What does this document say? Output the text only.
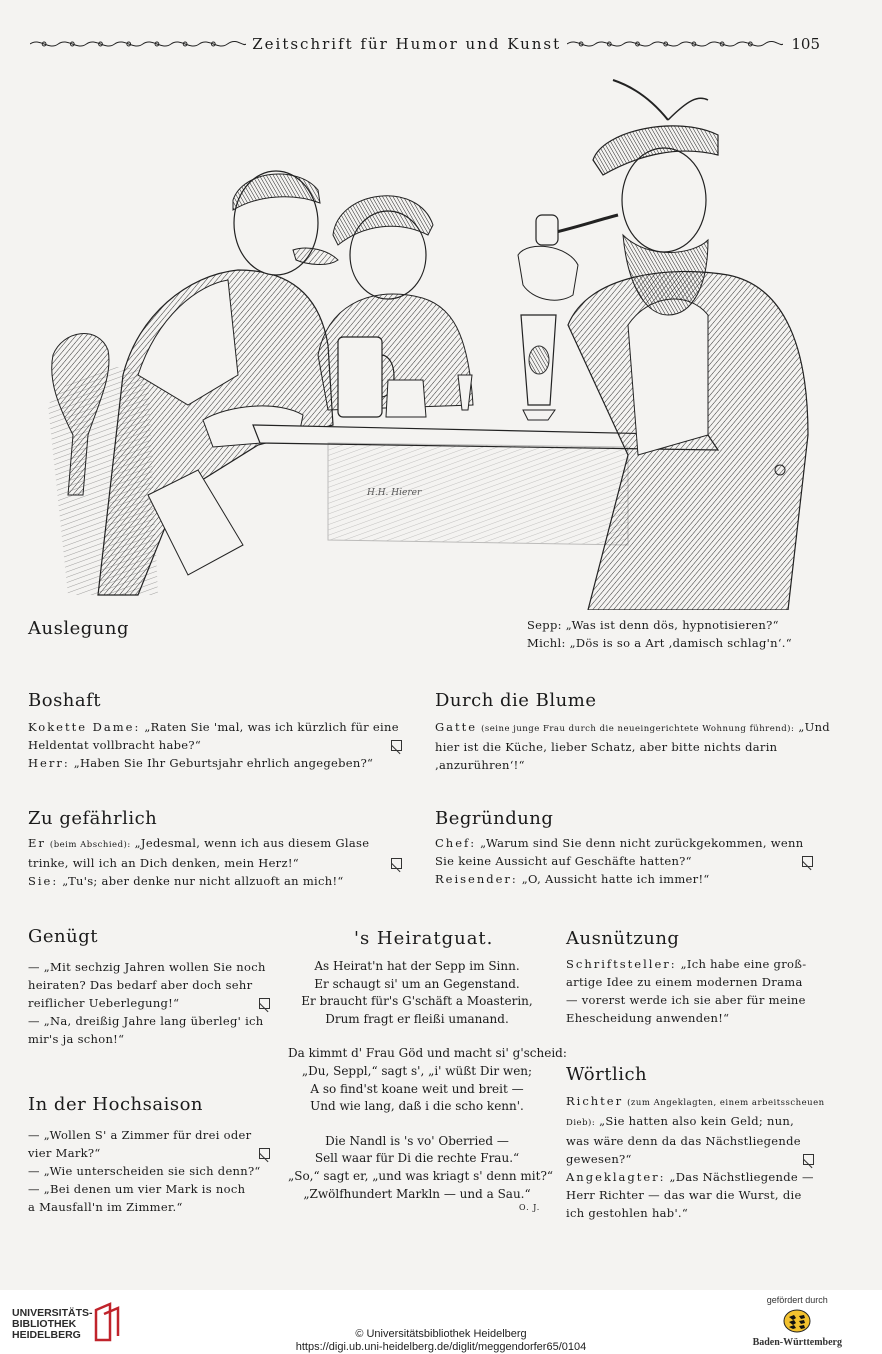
Zeitschrift für Humor und Kunst	105
H.H. Hierer
Auslegung	Sepp: „Was ist denn dös, hypnotisieren?“
Michl: „Dös is so a Art ‚damisch schlag'n‘.“
Boshaft
Kokette Dame: „Raten Sie 'mal, was ich kürzlich für eine
Heldentat vollbracht habe?“
Herr: „Haben Sie Ihr Geburtsjahr ehrlich angegeben?“
Durch die Blume
Gatte (seine junge Frau durch die neueingerichtete Wohnung führend): „Und
hier ist die Küche, lieber Schatz, aber bitte nichts darin
‚anzurühren‘!“
Zu gefährlich
Er (beim Abschied): „Jedesmal, wenn ich aus diesem Glase
trinke, will ich an Dich denken, mein Herz!“
Sie: „Tu's; aber denke nur nicht allzuoft an mich!“
Begründung
Chef: „Warum sind Sie denn nicht zurückgekommen, wenn
Sie keine Aussicht auf Geschäfte hatten?“
Reisender: „O, Aussicht hatte ich immer!“
Genügt
— „Mit sechzig Jahren wollen Sie noch
heiraten? Das bedarf aber doch sehr
reiflicher Ueberlegung!“
— „Na, dreißig Jahre lang überleg' ich
mir's ja schon!“
In der Hochsaison
— „Wollen S' a Zimmer für drei oder
vier Mark?“
— „Wie unterscheiden sie sich denn?“
— „Bei denen um vier Mark is noch
a Mausfall'n im Zimmer.“
's Heiratguat.
As Heirat'n hat der Sepp im Sinn.
Er schaugt si' um an Gegenstand.
Er braucht für's G'schäft a Moasterin,
Drum fragt er fleißi umanand.
Da kimmt d' Frau Göd und macht si' g'scheid:
„Du, Seppl,“ sagt s', „i' wüßt Dir wen;
A so find'st koane weit und breit —
Und wie lang, daß i die scho kenn'.
Die Nandl is 's vo' Oberried —
Sell waar für Di die rechte Frau.“
„So,“ sagt er, „und was kriagt s' denn mit?“
„Zwölfhundert Markln — und a Sau.“
O. J.
Ausnützung
Schriftsteller: „Ich habe eine groß-
artige Idee zu einem modernen Drama
— vorerst werde ich sie aber für meine
Ehescheidung anwenden!“
Wörtlich
Richter (zum Angeklagten, einem arbeitsscheuen
Dieb): „Sie hatten also kein Geld; nun,
was wäre denn da das Nächstliegende
gewesen?“
Angeklagter: „Das Nächstliegende —
Herr Richter — das war die Wurst, die
ich gestohlen hab'.“
UNIVERSITÄTS-
BIBLIOTHEK
HEIDELBERG	© Universitätsbibliothek Heidelberg
https://digi.ub.uni-heidelberg.de/diglit/meggendorfer65/0104
gefördert durch
Baden-Württemberg
